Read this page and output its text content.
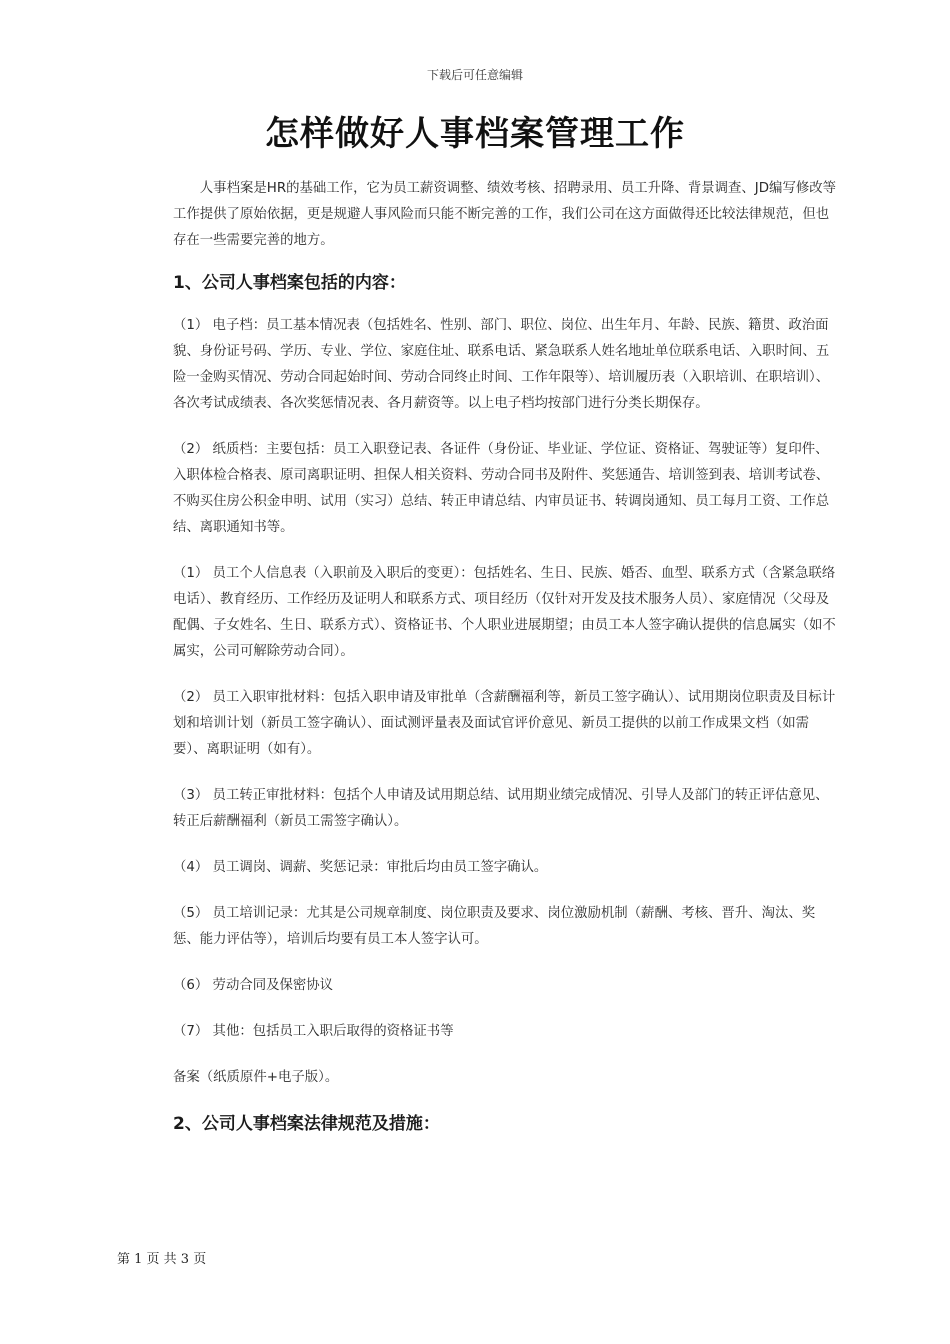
下载后可任意编辑
怎样做好人事档案管理工作

人事档案是HR的基础工作，它为员工薪资调整、绩效考核、招聘录用、员工升降、背景调查、JD编写修改等工作提供了原始依据，更是规避人事风险而只能不断完善的工作，我们公司在这方面做得还比较法律规范，但也存在一些需要完善的地方。

1、公司人事档案包括的内容：

（1） 电子档：员工基本情况表（包括姓名、性别、部门、职位、岗位、出生年月、年龄、民族、籍贯、政治面貌、身份证号码、学历、专业、学位、家庭住址、联系电话、紧急联系人姓名地址单位联系电话、入职时间、五险一金购买情况、劳动合同起始时间、劳动合同终止时间、工作年限等）、培训履历表（入职培训、在职培训）、各次考试成绩表、各次奖惩情况表、各月薪资等。以上电子档均按部门进行分类长期保存。

（2） 纸质档：主要包括：员工入职登记表、各证件（身份证、毕业证、学位证、资格证、驾驶证等）复印件、入职体检合格表、原司离职证明、担保人相关资料、劳动合同书及附件、奖惩通告、培训签到表、培训考试卷、不购买住房公积金申明、试用（实习）总结、转正申请总结、内审员证书、转调岗通知、员工每月工资、工作总结、离职通知书等。

（1） 员工个人信息表（入职前及入职后的变更）：包括姓名、生日、民族、婚否、血型、联系方式（含紧急联络电话）、教育经历、工作经历及证明人和联系方式、项目经历（仅针对开发及技术服务人员）、家庭情况（父母及配偶、子女姓名、生日、联系方式）、资格证书、个人职业进展期望；由员工本人签字确认提供的信息属实（如不属实，公司可解除劳动合同）。

（2） 员工入职审批材料：包括入职申请及审批单（含薪酬福利等，新员工签字确认）、试用期岗位职责及目标计划和培训计划（新员工签字确认）、面试测评量表及面试官评价意见、新员工提供的以前工作成果文档（如需要）、离职证明（如有）。

（3） 员工转正审批材料：包括个人申请及试用期总结、试用期业绩完成情况、引导人及部门的转正评估意见、转正后薪酬福利（新员工需签字确认）。

（4） 员工调岗、调薪、奖惩记录：审批后均由员工签字确认。

（5） 员工培训记录：尤其是公司规章制度、岗位职责及要求、岗位激励机制（薪酬、考核、晋升、淘汰、奖惩、能力评估等），培训后均要有员工本人签字认可。

（6） 劳动合同及保密协议

（7） 其他：包括员工入职后取得的资格证书等

备案（纸质原件+电子版）。

2、公司人事档案法律规范及措施：
第 1 页 共 3 页
